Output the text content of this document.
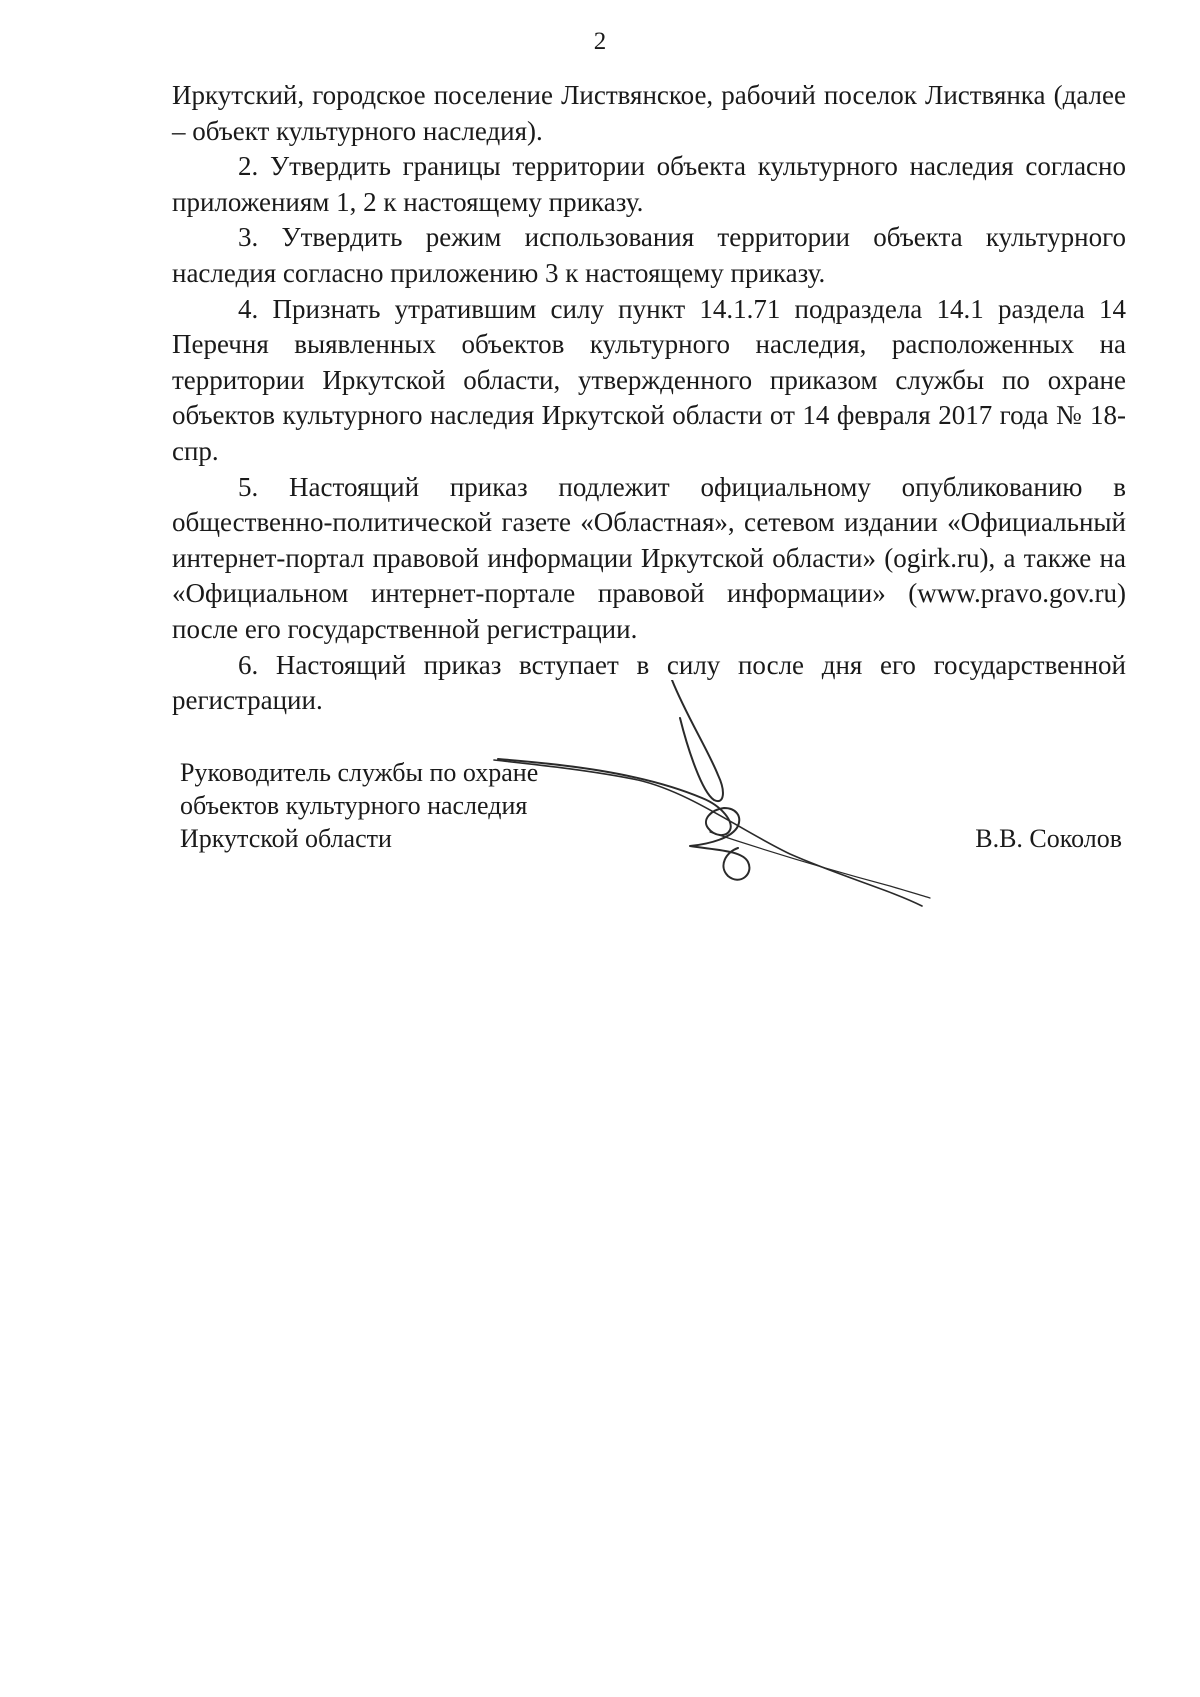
2

Иркутский, городское поселение Листвянское, рабочий поселок Листвянка (далее – объект культурного наследия).

2. Утвердить границы территории объекта культурного наследия согласно приложениям 1, 2 к настоящему приказу.

3. Утвердить режим использования территории объекта культурного наследия согласно приложению 3 к настоящему приказу.

4. Признать утратившим силу пункт 14.1.71 подраздела 14.1 раздела 14 Перечня выявленных объектов культурного наследия, расположенных на территории Иркутской области, утвержденного приказом службы по охране объектов культурного наследия Иркутской области от 14 февраля 2017 года № 18-спр.

5. Настоящий приказ подлежит официальному опубликованию в общественно-политической газете «Областная», сетевом издании «Официальный интернет-портал правовой информации Иркутской области» (ogirk.ru), а также на «Официальном интернет-портале правовой информации» (www.pravo.gov.ru) после его государственной регистрации.

6. Настоящий приказ вступает в силу после дня его государственной регистрации.

Руководитель службы по охране
объектов культурного наследия
Иркутской области	В.В. Соколов
